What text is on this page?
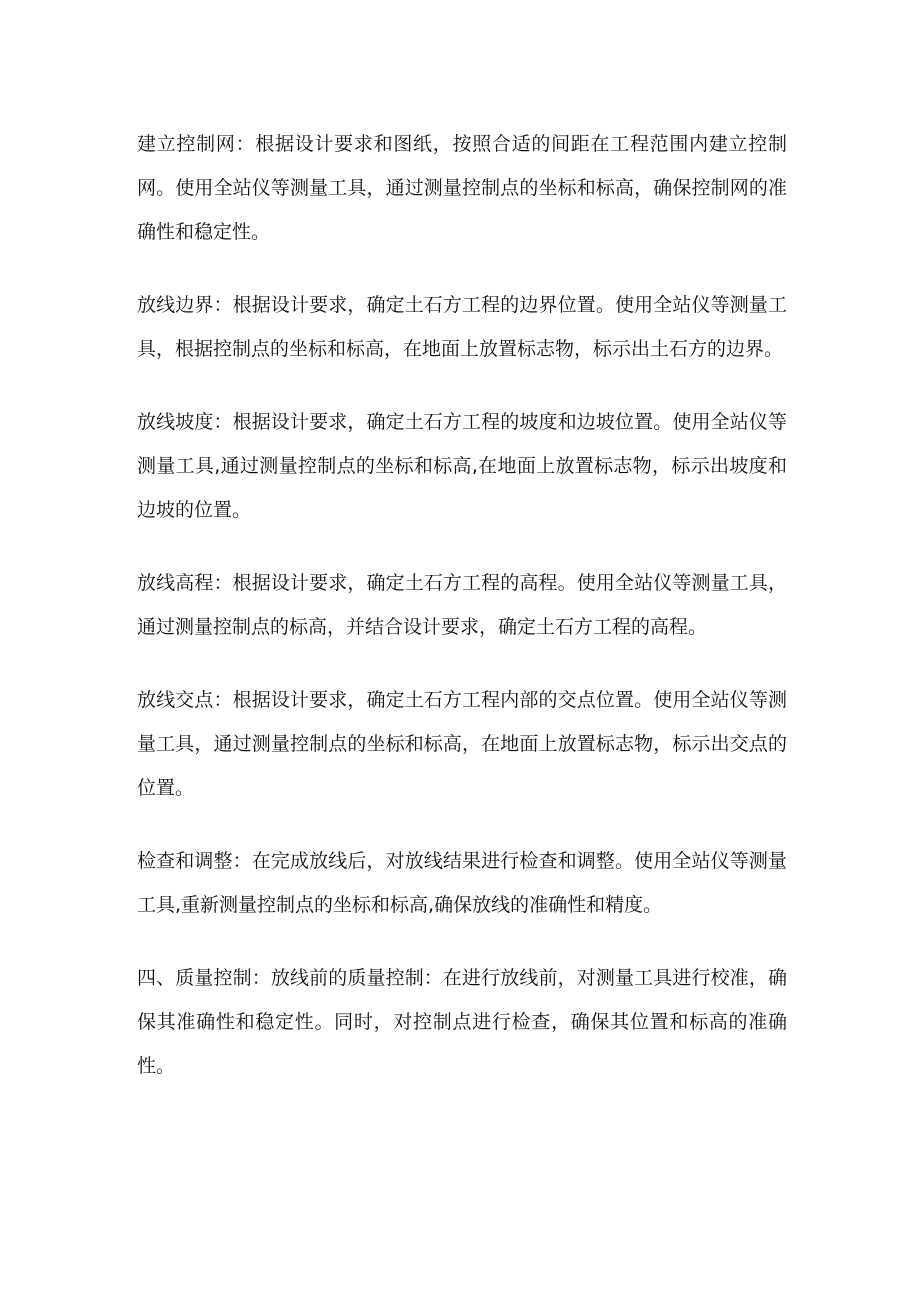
建立控制网：根据设计要求和图纸，按照合适的间距在工程范围内建立控制网。使用全站仪等测量工具，通过测量控制点的坐标和标高，确保控制网的准确性和稳定性。

放线边界：根据设计要求，确定土石方工程的边界位置。使用全站仪等测量工具，根据控制点的坐标和标高，在地面上放置标志物，标示出土石方的边界。

放线坡度：根据设计要求，确定土石方工程的坡度和边坡位置。使用全站仪等测量工具,通过测量控制点的坐标和标高,在地面上放置标志物，标示出坡度和边坡的位置。

放线高程：根据设计要求，确定土石方工程的高程。使用全站仪等测量工具，通过测量控制点的标高，并结合设计要求，确定土石方工程的高程。

放线交点：根据设计要求，确定土石方工程内部的交点位置。使用全站仪等测量工具，通过测量控制点的坐标和标高，在地面上放置标志物，标示出交点的位置。

检查和调整：在完成放线后，对放线结果进行检查和调整。使用全站仪等测量工具,重新测量控制点的坐标和标高,确保放线的准确性和精度。

四、质量控制：放线前的质量控制：在进行放线前，对测量工具进行校准，确保其准确性和稳定性。同时，对控制点进行检查，确保其位置和标高的准确性。
